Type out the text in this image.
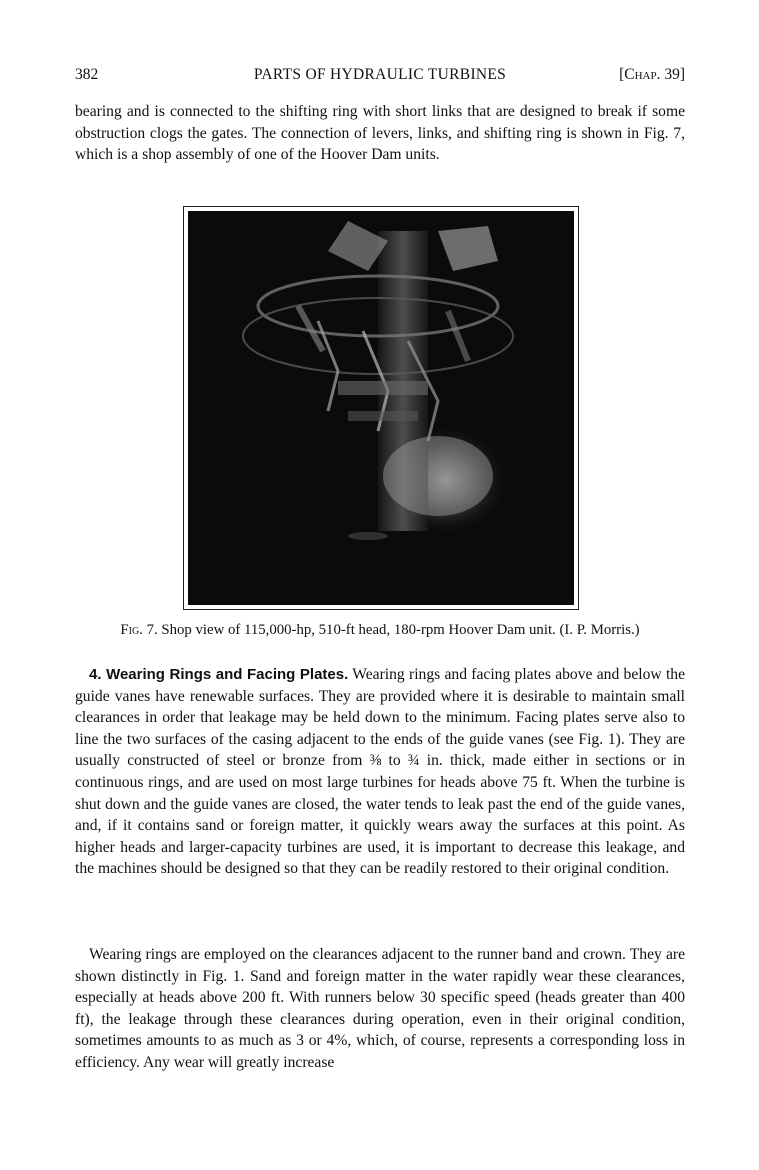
382	PARTS OF HYDRAULIC TURBINES	[Chap. 39]

bearing and is connected to the shifting ring with short links that are designed to break if some obstruction clogs the gates. The connection of levers, links, and shifting ring is shown in Fig. 7, which is a shop assembly of one of the Hoover Dam units.

Fig. 7. Shop view of 115,000-hp, 510-ft head, 180-rpm Hoover Dam unit. (I. P. Morris.)

4. Wearing Rings and Facing Plates. Wearing rings and facing plates above and below the guide vanes have renewable surfaces. They are provided where it is desirable to maintain small clearances in order that leakage may be held down to the minimum. Facing plates serve also to line the two surfaces of the casing adjacent to the ends of the guide vanes (see Fig. 1). They are usually constructed of steel or bronze from ⅜ to ¾ in. thick, made either in sections or in continuous rings, and are used on most large turbines for heads above 75 ft. When the turbine is shut down and the guide vanes are closed, the water tends to leak past the end of the guide vanes, and, if it contains sand or foreign matter, it quickly wears away the surfaces at this point. As higher heads and larger-capacity turbines are used, it is important to decrease this leakage, and the machines should be designed so that they can be readily restored to their original condition.

Wearing rings are employed on the clearances adjacent to the runner band and crown. They are shown distinctly in Fig. 1. Sand and foreign matter in the water rapidly wear these clearances, especially at heads above 200 ft. With runners below 30 specific speed (heads greater than 400 ft), the leakage through these clearances during operation, even in their original condition, sometimes amounts to as much as 3 or 4%, which, of course, represents a corresponding loss in efficiency. Any wear will greatly increase
